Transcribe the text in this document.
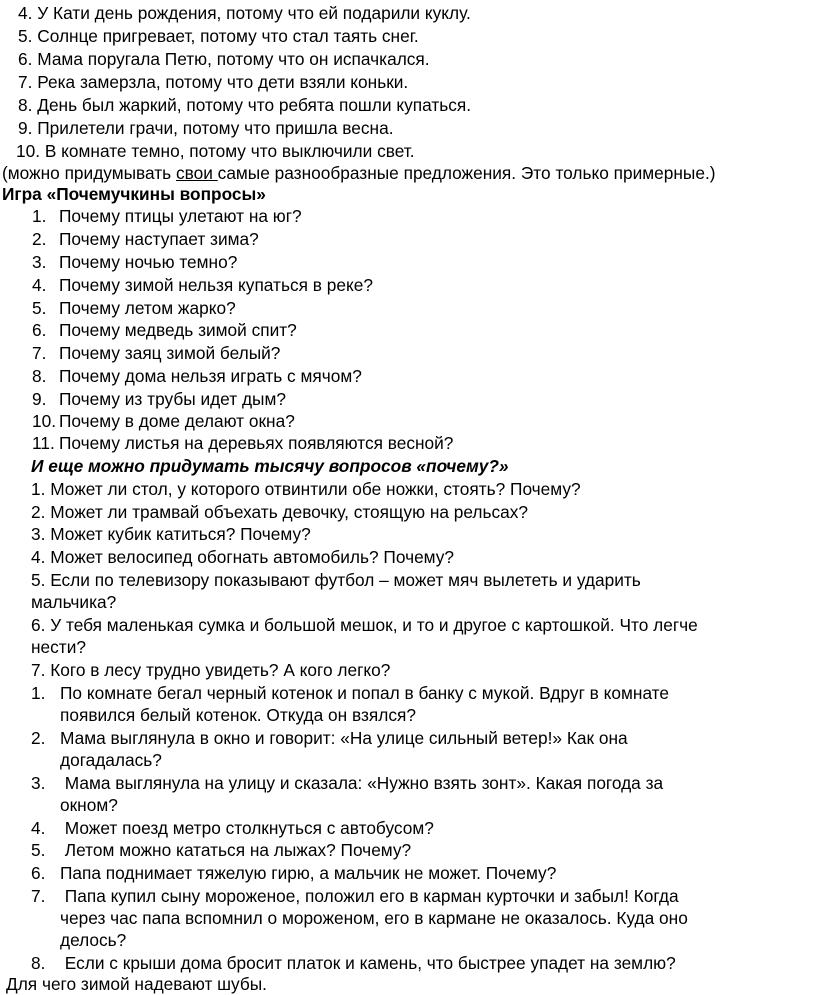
4. У Кати день рождения, потому что ей подарили куклу.
5. Солнце пригревает, потому что стал таять снег.
6. Мама поругала Петю, потому что он испачкался.
7. Река замерзла, потому что дети взяли коньки.
8. День был жаркий, потому что ребята пошли купаться.
9. Прилетели грачи, потому что пришла весна.
10. В комнате темно, потому что выключили свет.
(можно придумывать свои самые разнообразные предложения. Это только примерные.)
Игра «Почемучкины вопросы»
1. Почему птицы улетают на юг?
2. Почему наступает зима?
3. Почему ночью темно?
4. Почему зимой нельзя купаться в реке?
5. Почему летом жарко?
6. Почему медведь зимой спит?
7. Почему заяц зимой белый?
8. Почему дома нельзя играть с мячом?
9. Почему из трубы идет дым?
10. Почему в доме делают окна?
11. Почему листья на деревьях появляются весной?
И еще можно придумать тысячу вопросов «почему?»
1. Может ли стол, у которого отвинтили обе ножки, стоять? Почему?
2. Может ли трамвай объехать девочку, стоящую на рельсах?
3. Может кубик катиться? Почему?
4. Может велосипед обогнать автомобиль? Почему?
5. Если по телевизору показывают футбол – может мяч вылететь и ударить
мальчика?
6. У тебя маленькая сумка и большой мешок, и то и другое с картошкой. Что легче
нести?
7. Кого в лесу трудно увидеть? А кого легко?
1. По комнате бегал черный котенок и попал в банку с мукой. Вдруг в комнате
появился белый котенок. Откуда он взялся?
2. Мама выглянула в окно и говорит: «На улице сильный ветер!» Как она
догадалась?
3. Мама выглянула на улицу и сказала: «Нужно взять зонт». Какая погода за
окном?
4. Может поезд метро столкнуться с автобусом?
5. Летом можно кататься на лыжах? Почему?
6. Папа поднимает тяжелую гирю, а мальчик не может. Почему?
7. Папа купил сыну мороженое, положил его в карман курточки и забыл! Когда
через час папа вспомнил о мороженом, его в кармане не оказалось. Куда оно
делось?
8. Если с крыши дома бросит платок и камень, что быстрее упадет на землю?
Для чего зимой надевают шубы.
